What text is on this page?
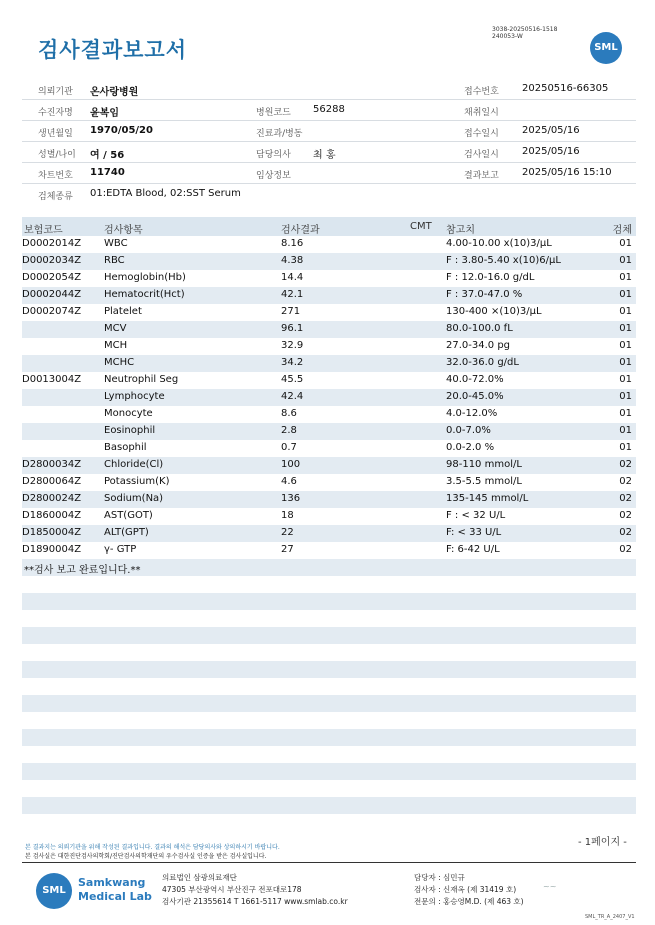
검사결과보고서
3038-20250516-1518
240053-W
SML
의뢰기관 온사랑병원	접수번호 20250516-66305
수진자명 윤복임	병원코드 56288	채취일시
생년월일 1970/05/20	진료과/병동	접수일시 2025/05/16
성별/나이 여 / 56	담당의사 최 홍	검사일시 2025/05/16
차트번호 11740	임상정보	결과보고 2025/05/16 15:10
검체종류 01:EDTA Blood, 02:SST Serum
보험코드	검사항목	검사결과	CMT 참고치	검체
D0002014Z WBC	8.16	4.00-10.00 x(10)3/µL	01
D0002034Z RBC	4.38	F : 3.80-5.40 x(10)6/µL	01
D0002054Z Hemoglobin(Hb)	14.4	F : 12.0-16.0 g/dL	01
D0002044Z Hematocrit(Hct)	42.1	F : 37.0-47.0 %	01
D0002074Z Platelet	271	130-400 ×(10)3/µL	01
MCV	96.1	80.0-100.0 fL	01
MCH	32.9	27.0-34.0 pg	01
MCHC	34.2	32.0-36.0 g/dL	01
D0013004Z Neutrophil Seg	45.5	40.0-72.0%	01
Lymphocyte	42.4	20.0-45.0%	01
Monocyte	8.6	4.0-12.0%	01
Eosinophil	2.8	0.0-7.0%	01
Basophil	0.7	0.0-2.0 %	01
D2800034Z Chloride(Cl)	100	98-110 mmol/L	02
D2800064Z Potassium(K)	4.6	3.5-5.5 mmol/L	02
D2800024Z Sodium(Na)	136	135-145 mmol/L	02
D1860004Z AST(GOT)	18	F : < 32 U/L	02
D1850004Z ALT(GPT)	22	F: < 33 U/L	02
D1890004Z γ- GTP	27	F: 6-42 U/L	02
**검사 보고 완료입니다.**
- 1페이지 -
본 결과지는 의뢰기관을 위해 작성된 결과입니다. 결과의 해석은 담당의사와 상의하시기 바랍니다.
본 검사실은 대한진단검사의학회/진단검사의학재단의 우수검사실 인증을 받은 검사실입니다.
SML
Samkwang
Medical Lab
의료법인 삼광의료재단
47305 부산광역시 부산진구 전포대로178
검사기관 21355614 T 1661-5117 www.smlab.co.kr
담당자 : 심민규
검사자 : 신재옥 (제 31419 호)
전문의 : 홍승영M.D. (제 463 호)
~~
SML_TR_A_2407_V1
